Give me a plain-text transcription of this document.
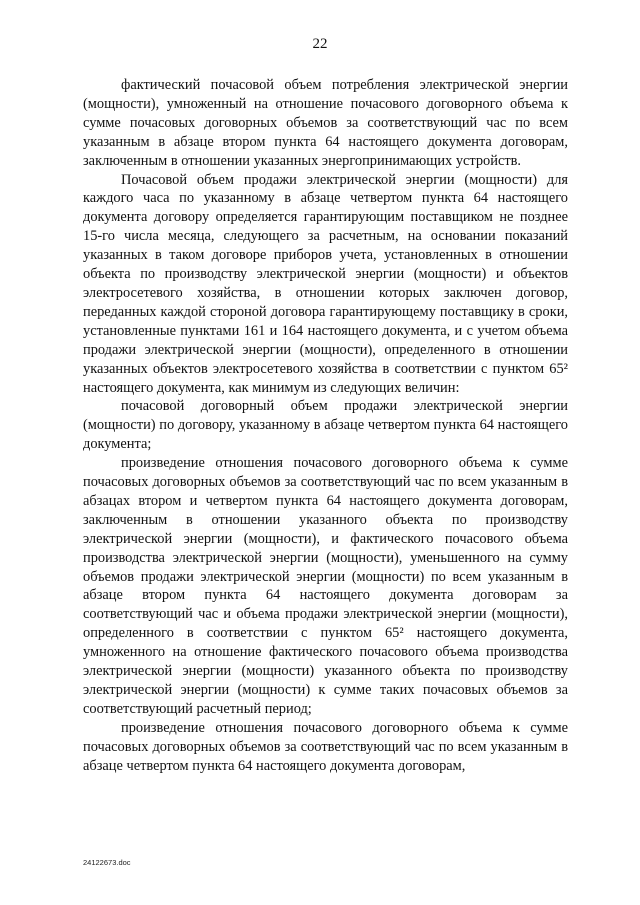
22

фактический почасовой объем потребления электрической энергии (мощности), умноженный на отношение почасового договорного объема к сумме почасовых договорных объемов за соответствующий час по всем указанным в абзаце втором пункта 64 настоящего документа договорам, заключенным в отношении указанных энергопринимающих устройств.

Почасовой объем продажи электрической энергии (мощности) для каждого часа по указанному в абзаце четвертом пункта 64 настоящего документа договору определяется гарантирующим поставщиком не позднее 15-го числа месяца, следующего за расчетным, на основании показаний указанных в таком договоре приборов учета, установленных в отношении объекта по производству электрической энергии (мощности) и объектов электросетевого хозяйства, в отношении которых заключен договор, переданных каждой стороной договора гарантирующему поставщику в сроки, установленные пунктами 161 и 164 настоящего документа, и с учетом объема продажи электрической энергии (мощности), определенного в отношении указанных объектов электросетевого хозяйства в соответствии с пунктом 65² настоящего документа, как минимум из следующих величин:

почасовой договорный объем продажи электрической энергии (мощности) по договору, указанному в абзаце четвертом пункта 64 настоящего документа;

произведение отношения почасового договорного объема к сумме почасовых договорных объемов за соответствующий час по всем указанным в абзацах втором и четвертом пункта 64 настоящего документа договорам, заключенным в отношении указанного объекта по производству электрической энергии (мощности), и фактического почасового объема производства электрической энергии (мощности), уменьшенного на сумму объемов продажи электрической энергии (мощности) по всем указанным в абзаце втором пункта 64 настоящего документа договорам за соответствующий час и объема продажи электрической энергии (мощности), определенного в соответствии с пунктом 65² настоящего документа, умноженного на отношение фактического почасового объема производства электрической энергии (мощности) указанного объекта по производству электрической энергии (мощности) к сумме таких почасовых объемов за соответствующий расчетный период;

произведение отношения почасового договорного объема к сумме почасовых договорных объемов за соответствующий час по всем указанным в абзаце четвертом пункта 64 настоящего документа договорам,

24122673.doc
